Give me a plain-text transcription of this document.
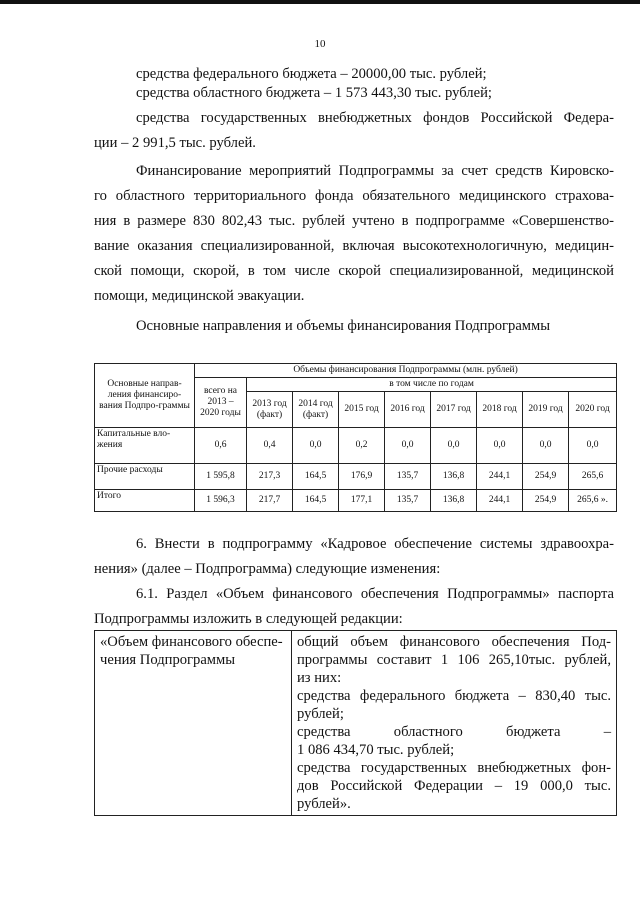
10
средства федерального бюджета – 20000,00 тыс. рублей;
средства областного бюджета – 1 573 443,30 тыс. рублей;
средства государственных внебюджетных фондов Российской Федера-
ции – 2 991,5 тыс. рублей.
Финансирование мероприятий Подпрограммы за счет средств Кировско-
го областного территориального фонда обязательного медицинского страхова-
ния в размере 830 802,43 тыс. рублей учтено в подпрограмме «Совершенство-
вание оказания специализированной, включая высокотехнологичную, медицин-
ской помощи, скорой, в том числе скорой специализированной, медицинской
помощи, медицинской эвакуации.
Основные направления и объемы финансирования Подпрограммы
Основные направ-ления финансиро-вания Подпро-граммы	Объемы финансирования Подпрограммы (млн. рублей)								
	всего на 2013 – 2020 годы	в том числе по годам							
		2013 год (факт)	2014 год (факт)	2015 год	2016 год	2017 год	2018 год	2019 год	2020 год
Капитальные вло-жения	0,6	0,4	0,0	0,2	0,0	0,0	0,0	0,0	0,0
Прочие расходы	1 595,8	217,3	164,5	176,9	135,7	136,8	244,1	254,9	265,6
Итого	1 596,3	217,7	164,5	177,1	135,7	136,8	244,1	254,9	265,6 ».
6. Внести в подпрограмму «Кадровое обеспечение системы здравоохра-
нения» (далее – Подпрограмма) следующие изменения:
6.1. Раздел «Объем финансового обеспечения Подпрограммы» паспорта
Подпрограммы изложить в следующей редакции:
«Объем финансового обеспе-
чения Подпрограммы

общий объем финансового обеспечения Под-
программы составит 1 106 265,10тыс. рублей,
из них:
средства федерального бюджета – 830,40 тыс.
рублей;
средства областного бюджета –
1 086 434,70 тыс. рублей;
средства государственных внебюджетных фон-
дов Российской Федерации – 19 000,0 тыс.
рублей».
